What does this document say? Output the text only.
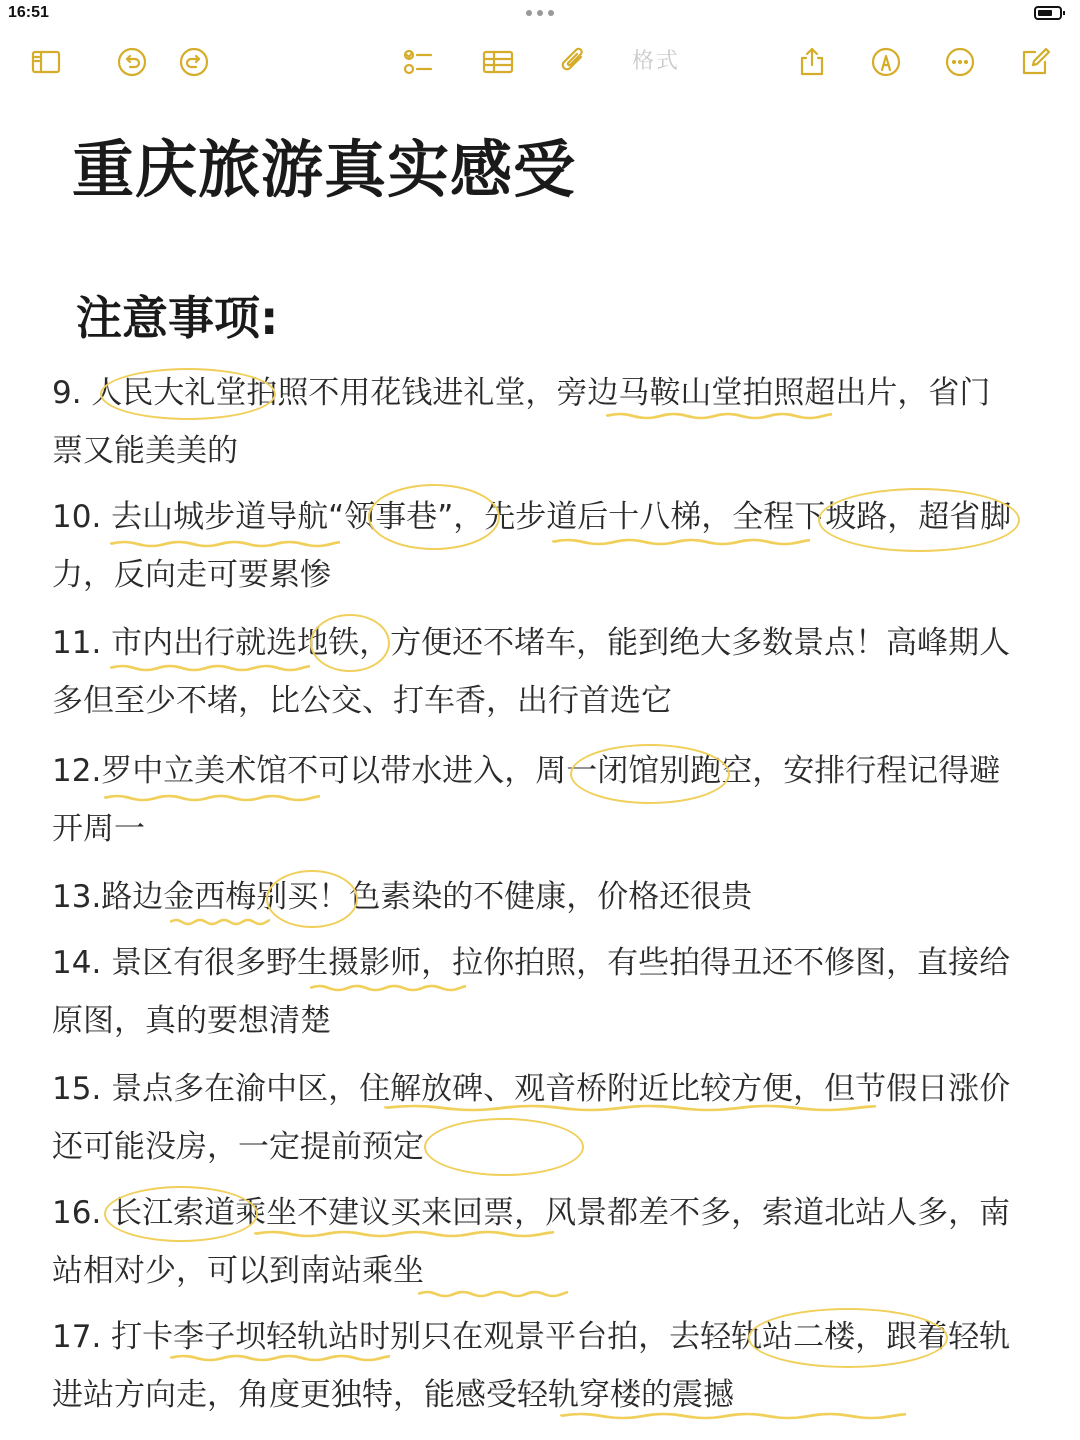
16:51
格式
重庆旅游真实感受
注意事项:

9. 人民大礼堂拍照不用花钱进礼堂，旁边马鞍山堂拍照超出片，省门票又能美美的

10. 去山城步道导航“领事巷”，先步道后十八梯，全程下坡路，超省脚力，反向走可要累惨

11. 市内出行就选地铁，方便还不堵车，能到绝大多数景点！高峰期人多但至少不堵，比公交、打车香，出行首选它

12.罗中立美术馆不可以带水进入，周一闭馆别跑空，安排行程记得避开周一

13.路边金西梅别买！色素染的不健康，价格还很贵

14. 景区有很多野生摄影师，拉你拍照，有些拍得丑还不修图，直接给原图，真的要想清楚

15. 景点多在渝中区，住解放碑、观音桥附近比较方便，但节假日涨价还可能没房，一定提前预定

16. 长江索道乘坐不建议买来回票，风景都差不多，索道北站人多，南站相对少，可以到南站乘坐

17. 打卡李子坝轻轨站时别只在观景平台拍，去轻轨站二楼，跟着轻轨进站方向走，角度更独特，能感受轻轨穿楼的震撼
